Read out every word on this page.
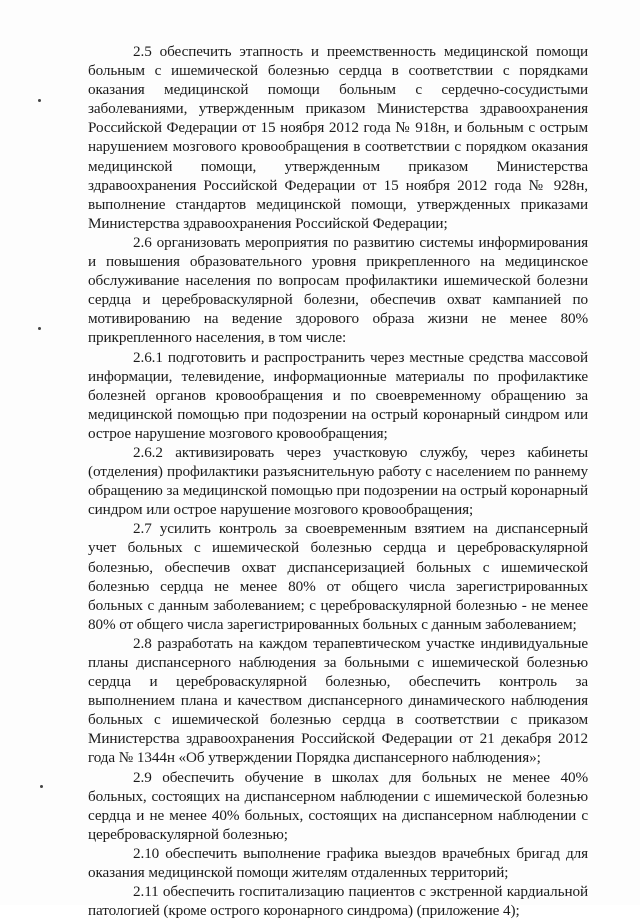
2.5 обеспечить этапность и преемственность медицинской помощи больным с ишемической болезнью сердца в соответствии с порядками оказания медицинской помощи больным с сердечно-сосудистыми заболеваниями, утвержденным приказом Министерства здравоохранения Российской Федерации от 15 ноября 2012 года № 918н, и больным с острым нарушением мозгового кровообращения в соответствии с порядком оказания медицинской помощи, утвержденным приказом Министерства здравоохранения Российской Федерации от 15 ноября 2012 года № 928н, выполнение стандартов медицинской помощи, утвержденных приказами Министерства здравоохранения Российской Федерации;

2.6 организовать мероприятия по развитию системы информирования и повышения образовательного уровня прикрепленного на медицинское обслуживание населения по вопросам профилактики ишемической болезни сердца и цереброваскулярной болезни, обеспечив охват кампанией по мотивированию на ведение здорового образа жизни не менее 80% прикрепленного населения, в том числе:

2.6.1 подготовить и распространить через местные средства массовой информации, телевидение, информационные материалы по профилактике болезней органов кровообращения и по своевременному обращению за медицинской помощью при подозрении на острый коронарный синдром или острое нарушение мозгового кровообращения;

2.6.2 активизировать через участковую службу, через кабинеты (отделения) профилактики разъяснительную работу с населением по раннему обращению за медицинской помощью при подозрении на острый коронарный синдром или острое нарушение мозгового кровообращения;

2.7 усилить контроль за своевременным взятием на диспансерный учет больных с ишемической болезнью сердца и цереброваскулярной болезнью, обеспечив охват диспансеризацией больных с ишемической болезнью сердца не менее 80% от общего числа зарегистрированных больных с данным заболеванием; с цереброваскулярной болезнью - не менее 80% от общего числа зарегистрированных больных с данным заболеванием;

2.8 разработать на каждом терапевтическом участке индивидуальные планы диспансерного наблюдения за больными с ишемической болезнью сердца и цереброваскулярной болезнью, обеспечить контроль за выполнением плана и качеством диспансерного динамического наблюдения больных с ишемической болезнью сердца в соответствии с приказом Министерства здравоохранения Российской Федерации от 21 декабря 2012 года № 1344н «Об утверждении Порядка диспансерного наблюдения»;

2.9 обеспечить обучение в школах для больных не менее 40% больных, состоящих на диспансерном наблюдении с ишемической болезнью сердца и не менее 40% больных, состоящих на диспансерном наблюдении с цереброваскулярной болезнью;

2.10 обеспечить выполнение графика выездов врачебных бригад для оказания медицинской помощи жителям отдаленных территорий;

2.11 обеспечить госпитализацию пациентов с экстренной кардиальной патологией (кроме острого коронарного синдрома) (приложение 4);
